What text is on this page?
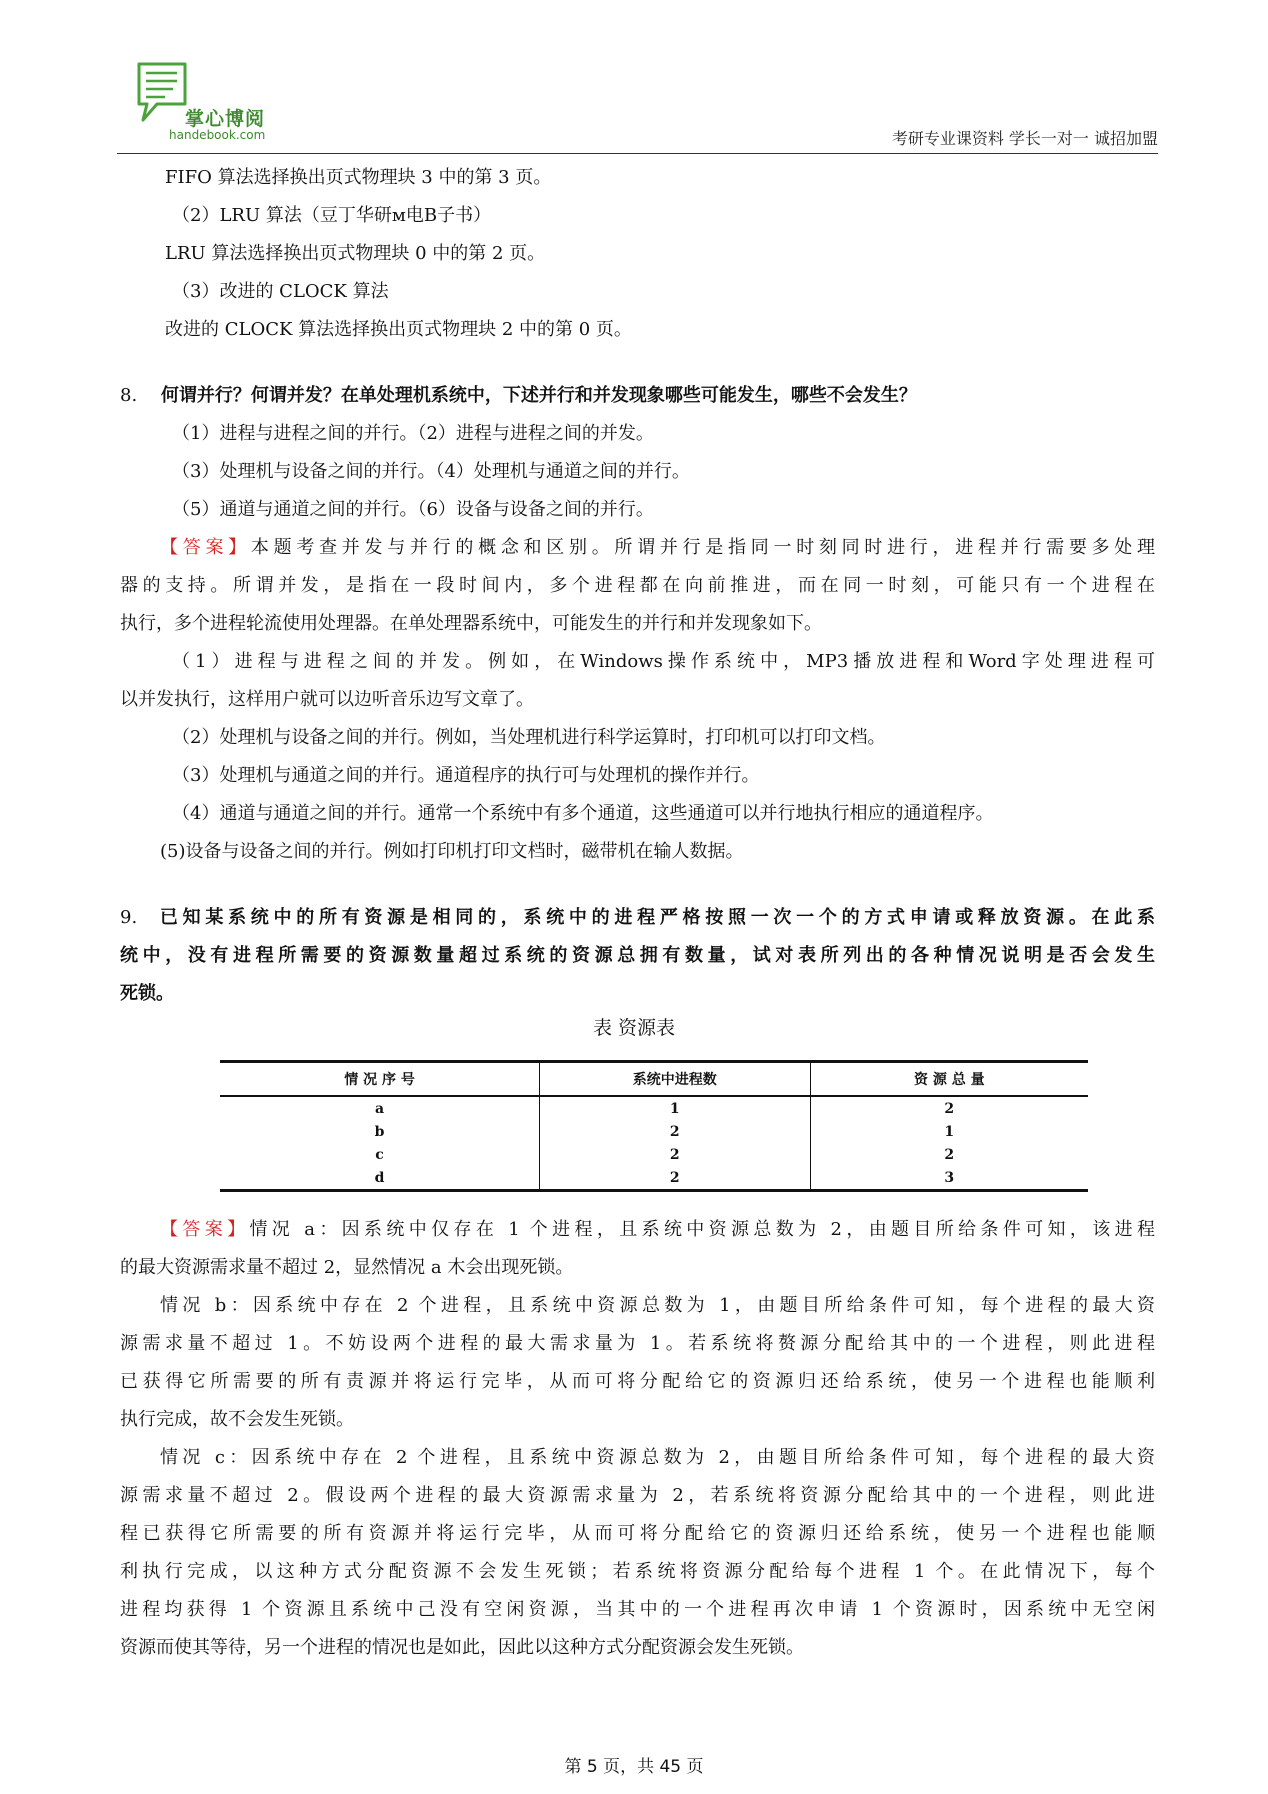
掌心博阅
handebook.com	考研专业课资料 学长一对一 诚招加盟
FIFO 算法选择换出页式物理块 3 中的第 3 页。
（2）LRU 算法（豆丁华研ᴍ电B子书）
LRU 算法选择换出页式物理块 0 中的第 2 页。
（3）改进的 CLOCK 算法
改进的 CLOCK 算法选择换出页式物理块 2 中的第 0 页。
8. 何谓并行？何谓并发？在单处理机系统中，下述并行和并发现象哪些可能发生，哪些不会发生？
（1）进程与进程之间的并行。（2）进程与进程之间的并发。
（3）处理机与设备之间的并行。（4）处理机与通道之间的并行。
（5）通道与通道之间的并行。（6）设备与设备之间的并行。
【答案】本题考查并发与并行的概念和区别。所谓并行是指同一时刻同时进行，进程并行需要多处理
器的支持。所谓并发，是指在一段时间内，多个进程都在向前推进，而在同一时刻，可能只有一个进程在
执行，多个进程轮流使用处理器。在单处理器系统中，可能发生的并行和并发现象如下。
（1）进程与进程之间的并发。例如，在Windows操作系统中，MP3播放进程和Word字处理进程可
以并发执行，这样用户就可以边听音乐边写文章了。
（2）处理机与设备之间的并行。例如，当处理机进行科学运算时，打印机可以打印文档。
（3）处理机与通道之间的并行。通道程序的执行可与处理机的操作并行。
（4）通道与通道之间的并行。通常一个系统中有多个通道，这些通道可以并行地执行相应的通道程序。
(5)设备与设备之间的并行。例如打印机打印文档时，磁带机在输人数据。
9. 已知某系统中的所有资源是相同的，系统中的进程严格按照一次一个的方式申请或释放资源。在此系
统中，没有进程所需要的资源数量超过系统的资源总拥有数量，试对表所列出的各种情况说明是否会发生
死锁。
表 资源表
情 况 序 号	系统中进程数	资 源 总 量
a	1	2
b	2	1
c	2	2
d	2	3
【答案】情况 a：因系统中仅存在 1 个进程，且系统中资源总数为 2，由题目所给条件可知，该进程
的最大资源需求量不超过 2，显然情况 a 木会出现死锁。
情况 b：因系统中存在 2 个进程，且系统中资源总数为 1，由题目所给条件可知，每个进程的最大资
源需求量不超过 1。不妨设两个进程的最大需求量为 1。若系统将赘源分配给其中的一个进程，则此进程
已获得它所需要的所有责源并将运行完毕，从而可将分配给它的资源归还给系统，使另一个进程也能顺利
执行完成，故不会发生死锁。
情况 c：因系统中存在 2 个进程，且系统中资源总数为 2，由题目所给条件可知，每个进程的最大资
源需求量不超过 2。假设两个进程的最大资源需求量为 2，若系统将资源分配给其中的一个进程，则此进
程已获得它所需要的所有资源并将运行完毕，从而可将分配给它的资源归还给系统，使另一个进程也能顺
利执行完成，以这种方式分配资源不会发生死锁；若系统将资源分配给每个进程 1 个。在此情况下，每个
进程均获得 1 个资源且系统中己没有空闲资源，当其中的一个进程再次申请 1 个资源时，因系统中无空闲
资源而使其等待，另一个进程的情况也是如此，因此以这种方式分配资源会发生死锁。
第 5 页，共 45 页
